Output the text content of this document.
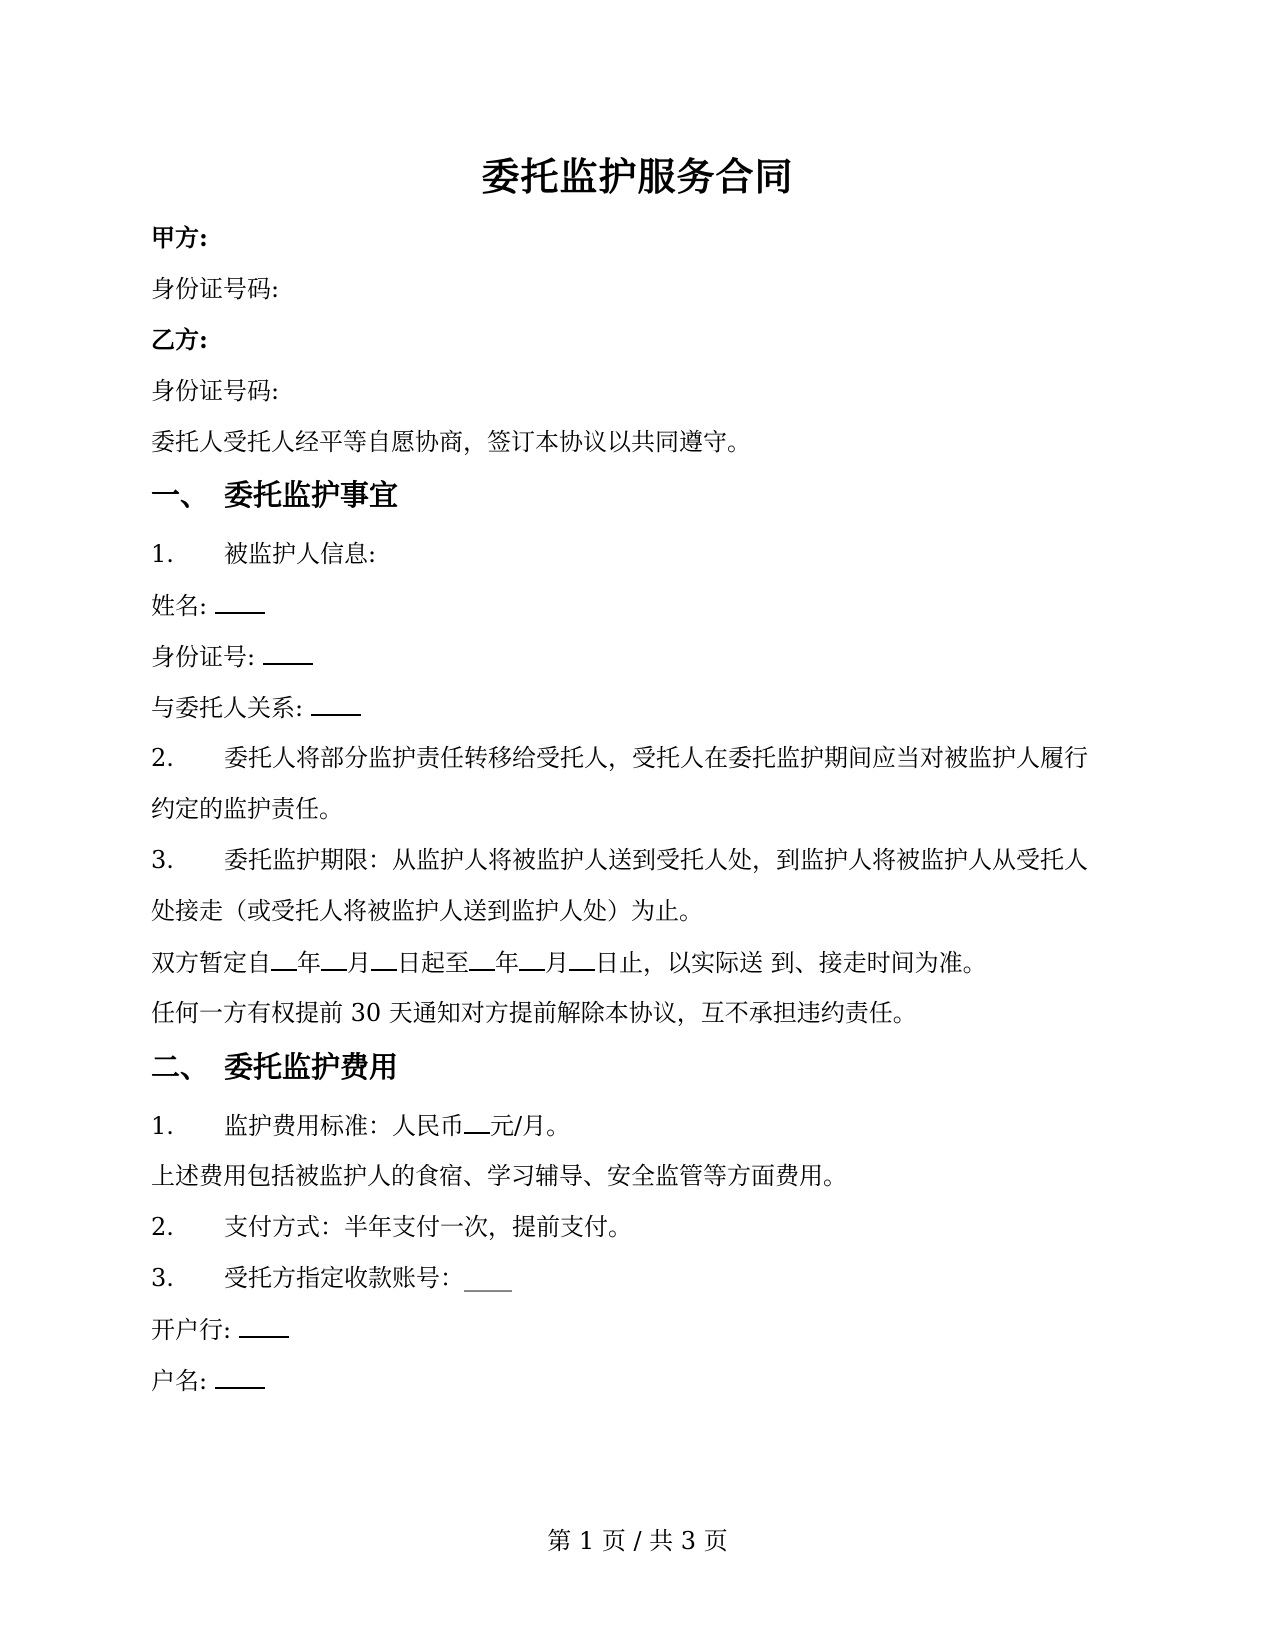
委托监护服务合同
甲方:
身份证号码:
乙方:
身份证号码:
委托人受托人经平等自愿协商，签订本协议以共同遵守。
一、 委托监护事宜
1. 被监护人信息:
姓名:
身份证号:
与委托人关系:
2. 委托人将部分监护责任转移给受托人，受托人在委托监护期间应当对被监护人履行
约定的监护责任。
3. 委托监护期限：从监护人将被监护人送到受托人处，到监护人将被监护人从受托人
处接走（或受托人将被监护人送到监护人处）为止。
双方暂定自 年 月 日起至 年 月 日止，以实际送 到、接走时间为准。
任何一方有权提前 30 天通知对方提前解除本协议，互不承担违约责任。
二、 委托监护费用
1. 监护费用标准：人民币 元/月。
上述费用包括被监护人的食宿、学习辅导、安全监管等方面费用。
2. 支付方式：半年支付一次，提前支付。
3. 受托方指定收款账号：____
开户行:
户名:
第 1 页 / 共 3 页
